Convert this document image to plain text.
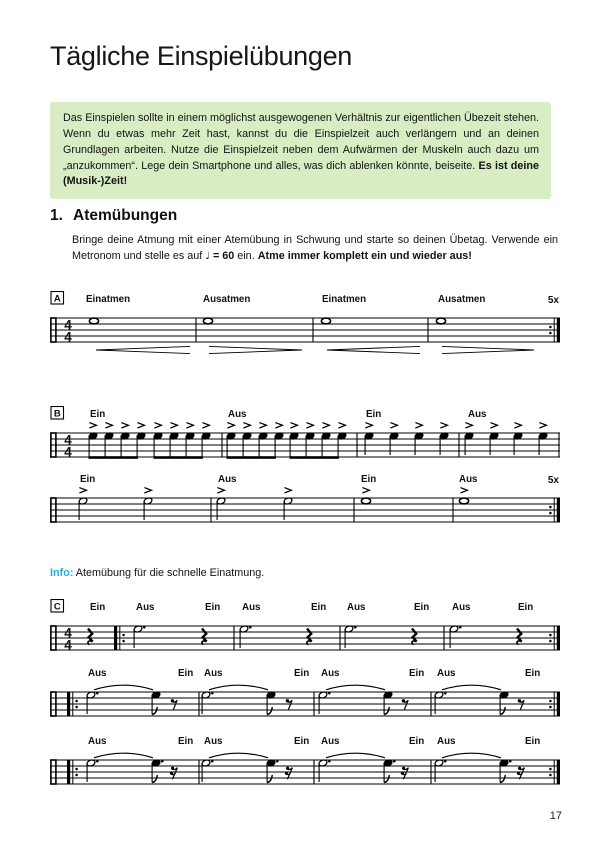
Tägliche Einspielübungen
Das Einspielen sollte in einem möglichst ausgewogenen Verhältnis zur eigentlichen Übezeit stehen. Wenn du etwas mehr Zeit hast, kannst du die Einspielzeit auch verlängern und an deinen Grundlagen arbeiten. Nutze die Einspielzeit neben dem Aufwärmen der Muskeln auch dazu um „anzukommen“. Lege dein Smartphone und alles, was dich ablenken könnte, beiseite. Es ist deine (Musik-)Zeit!
1. Atemübungen

Bringe deine Atmung mit einer Atemübung in Schwung und starte so deinen Übetag. Verwende ein Metronom und stelle es auf ♩ = 60 ein. Atme immer komplett ein und wieder aus!

Info: Atemübung für die schnelle Einatmung.
A	Einatmen	Ausatmen	Einatmen	Ausatmen	5x
4
4
B	Ein	Aus	Ein	Aus
4
4
Ein	Aus	Ein	Aus	5x
C	Ein	Aus	Ein Aus	Ein Aus	Ein Aus	Ein
4
4
Aus	Ein Aus	Ein Aus	Ein Aus	Ein
Aus	Ein Aus	Ein Aus	Ein Aus	Ein
17
